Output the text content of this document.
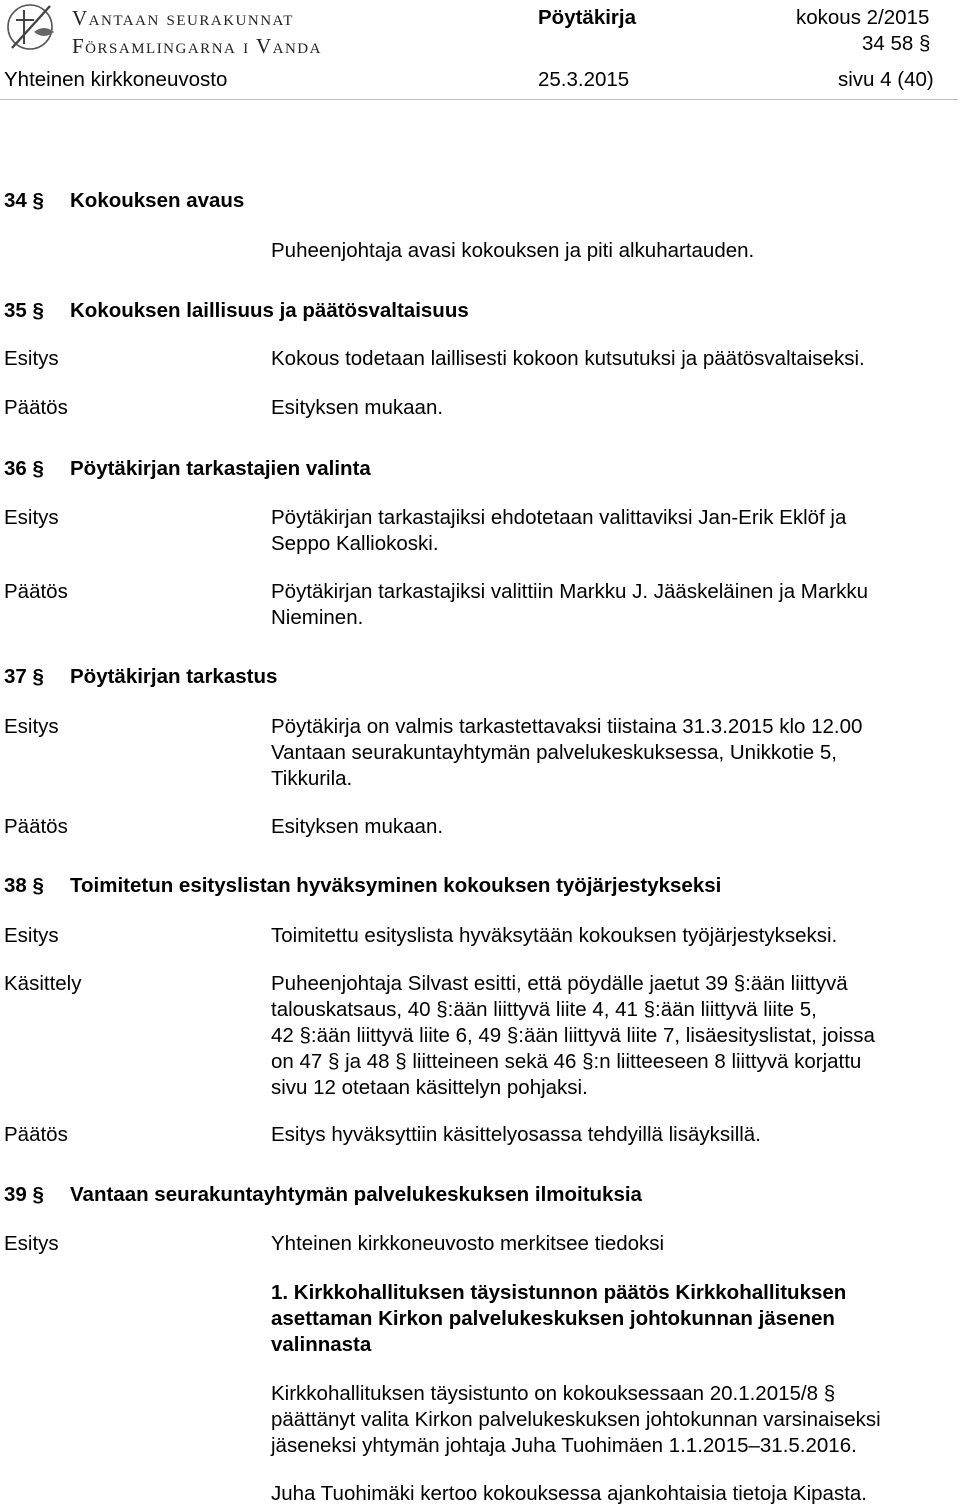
Vantaan seurakunnat
Församlingarna i Vanda
Pöytäkirja	kokous 2/2015
34 58 §
Yhteinen kirkkoneuvosto	25.3.2015	sivu 4 (40)
34 § Kokouksen avaus
Puheenjohtaja avasi kokouksen ja piti alkuhartauden.
35 § Kokouksen laillisuus ja päätösvaltaisuus
Esitys	Kokous todetaan laillisesti kokoon kutsutuksi ja päätösvaltaiseksi.
Päätös	Esityksen mukaan.
36 § Pöytäkirjan tarkastajien valinta
Esitys	Pöytäkirjan tarkastajiksi ehdotetaan valittaviksi Jan-Erik Eklöf ja
Seppo Kalliokoski.
Päätös	Pöytäkirjan tarkastajiksi valittiin Markku J. Jääskeläinen ja Markku
Nieminen.
37 § Pöytäkirjan tarkastus
Esitys	Pöytäkirja on valmis tarkastettavaksi tiistaina 31.3.2015 klo 12.00
Vantaan seurakuntayhtymän palvelukeskuksessa, Unikkotie 5,
Tikkurila.
Päätös	Esityksen mukaan.
38 § Toimitetun esityslistan hyväksyminen kokouksen työjärjestykseksi
Esitys	Toimitettu esityslista hyväksytään kokouksen työjärjestykseksi.
Käsittely	Puheenjohtaja Silvast esitti, että pöydälle jaetut 39 §:ään liittyvä
talouskatsaus, 40 §:ään liittyvä liite 4, 41 §:ään liittyvä liite 5,
42 §:ään liittyvä liite 6, 49 §:ään liittyvä liite 7, lisäesityslistat, joissa
on 47 § ja 48 § liitteineen sekä 46 §:n liitteeseen 8 liittyvä korjattu
sivu 12 otetaan käsittelyn pohjaksi.
Päätös	Esitys hyväksyttiin käsittelyosassa tehdyillä lisäyksillä.
39 § Vantaan seurakuntayhtymän palvelukeskuksen ilmoituksia
Esitys	Yhteinen kirkkoneuvosto merkitsee tiedoksi
1. Kirkkohallituksen täysistunnon päätös Kirkkohallituksen
asettaman Kirkon palvelukeskuksen johtokunnan jäsenen
valinnasta
Kirkkohallituksen täysistunto on kokouksessaan 20.1.2015/8 §
päättänyt valita Kirkon palvelukeskuksen johtokunnan varsinaiseksi
jäseneksi yhtymän johtaja Juha Tuohimäen 1.1.2015–31.5.2016.
Juha Tuohimäki kertoo kokouksessa ajankohtaisia tietoja Kipasta.
